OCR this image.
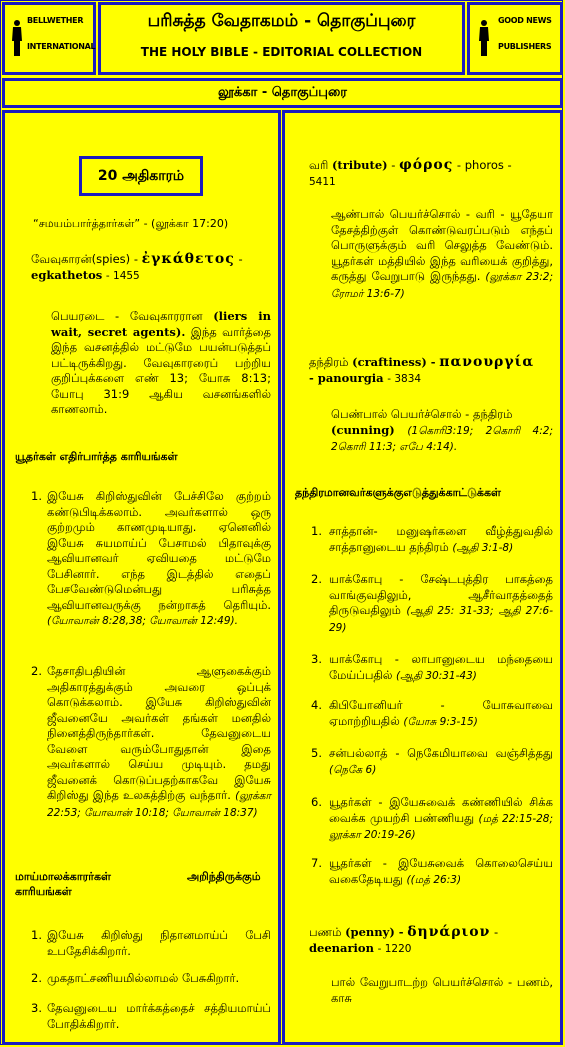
BELLWETHER
INTERNATIONAL
பரிசுத்த வேதாகமம் - தொகுப்புரை
THE HOLY BIBLE - EDITORIAL COLLECTION
GOOD NEWS
PUBLISHERS
லூக்கா - தொகுப்புரை
20 அதிகாரம்
“சமயம்பார்த்தார்கள்” - (லூக்கா 17:20)
வேவுகாரன்(spies) - ἐγκάθετος -
egkathetos - 1455
பெயரடை - வேவுகாரரான (liers in wait, secret agents). இந்த வார்த்தை இந்த வசனத்தில் மட்டுமே பயன்படுத்தப் பட்டிருக்கிறது. வேவுகாரரைப் பற்றிய குறிப்புக்களை எண் 13; யோசு 8:13; யோபு 31:9 ஆகிய வசனங்களில் காணலாம்.
யூதர்கள் எதிர்பார்த்த காரியங்கள்
1. இயேசு கிறிஸ்துவின் பேச்சிலே குற்றம் கண்டுபிடிக்கலாம். அவர்களால் ஒரு குற்றமும் காணமுடியாது. ஏனெனில் இயேசு சுயமாய்ப் பேசாமல் பிதாவுக்கு ஆவியானவர் ஏவியதை மட்டுமே பேசினார். எந்த இடத்தில் எதைப் பேசவேண்டுமென்பது பரிசுத்த ஆவியானவருக்கு நன்றாகத் தெரியும். (யோவான் 8:28,38; யோவான் 12:49).
2. தேசாதிபதியின் ஆளுகைக்கும் அதிகாரத்துக்கும் அவரை ஒப்புக் கொடுக்கலாம். இயேசு கிறிஸ்துவின் ஜீவனையே அவர்கள் தங்கள் மனதில் நினைத்திருந்தார்கள். தேவனுடைய வேளை வரும்போதுதான் இதை அவர்களால் செய்ய முடியும். தமது ஜீவனைக் கொடுப்பதற்காகவே இயேசு கிறிஸ்து இந்த உலகத்திற்கு வந்தார். (லூக்கா 22:53; யோவான் 10:18; யோவான் 18:37)
மாய்மாலக்காரர்கள்	அறிந்திருக்கும்

காரியங்கள்
1. இயேசு கிறிஸ்து நிதானமாய்ப் பேசி உபதேசிக்கிறார்.
2. முகதாட்சணியமில்லாமல் பேசுகிறார்.
3. தேவனுடைய மார்க்கத்தைச் சத்தியமாய்ப் போதிக்கிறார்.
வரி (tribute) - φόρος - phoros -
5411
ஆண்பால் பெயர்ச்சொல் - வரி - யூதேயா தேசத்திற்குள் கொண்டுவரப்படும் எந்தப் பொருளுக்கும் வரி செலுத்த வேண்டும். யூதர்கள் மத்தியில் இந்த வரியைக் குறித்து, கருத்து வேறுபாடு இருந்தது. (லூக்கா 23:2; ரோமர் 13:6-7)
தந்திரம் (craftiness) - πανουργία
- panourgia - 3834
பெண்பால் பெயர்ச்சொல் - தந்திரம்
(cunning) (1கொரி3:19; 2கொரி 4:2; 2கொரி 11:3; எபே 4:14).
தந்திரமானவர்களுக்குஎடுத்துக்காட்டுக்கள்
1. சாத்தான்- மனுஷர்களை வீழ்த்துவதில் சாத்தானுடைய தந்திரம் (ஆதி 3:1-8)
2. யாக்கோபு - சேஷ்டபுத்திர பாகத்தை வாங்குவதிலும், ஆசீர்வாதத்தைத் திருடுவதிலும் (ஆதி 25: 31-33; ஆதி 27:6-29)
3. யாக்கோபு - லாபானுடைய மந்தையை மேய்ப்பதில் (ஆதி 30:31-43)
4. கிபியோனியர் - யோசுவாவை ஏமாற்றியதில் (யோசு 9:3-15)
5. சன்பல்லாத் - நெகேமியாவை வஞ்சித்தது (நெகே 6)
6. யூதர்கள் - இயேசுவைக் கண்ணியில் சிக்க வைக்க முயற்சி பண்ணியது (மத் 22:15-28; லூக்கா 20:19-26)
7. யூதர்கள் - இயேசுவைக் கொலைசெய்ய வகைதேடியது ((மத் 26:3)
பணம் (penny) - δηνάριον -
deenarion - 1220
பால் வேறுபாடற்ற பெயர்ச்சொல் - பணம், காசு
